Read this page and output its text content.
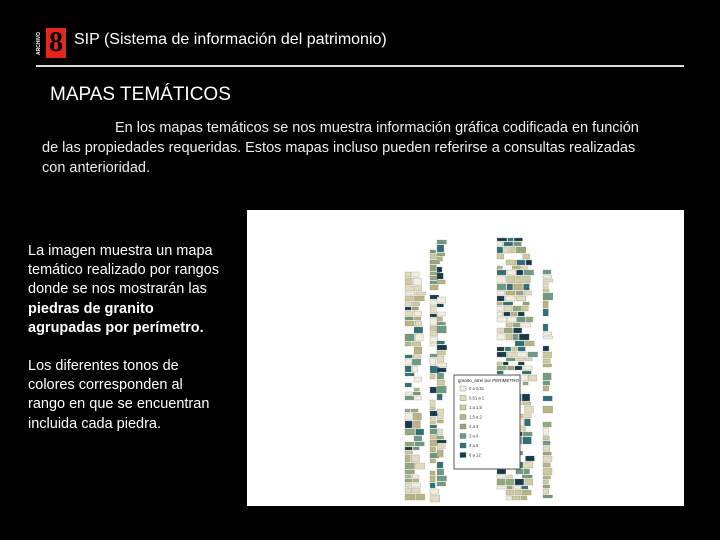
ARCHIVO 8 SIP (Sistema de información del patrimonio)
MAPAS TEMÁTICOS
En los mapas temáticos se nos muestra información gráfica codificada en función de las propiedades requeridas. Estos mapas incluso pueden referirse a consultas realizadas con anterioridad.

La imagen muestra un mapa temático realizado por rangos donde se nos mostrarán las piedras de granito agrupadas por perímetro.

Los diferentes tonos de colores corresponden al rango en que se encuentran incluida cada piedra.

granito_arrei por PERIMETRO
0 a 0,51
0,51 a 1
1 a 1,5
1,5 a 2
2 a 3
3 a 4
4 a 6
6 a 12
